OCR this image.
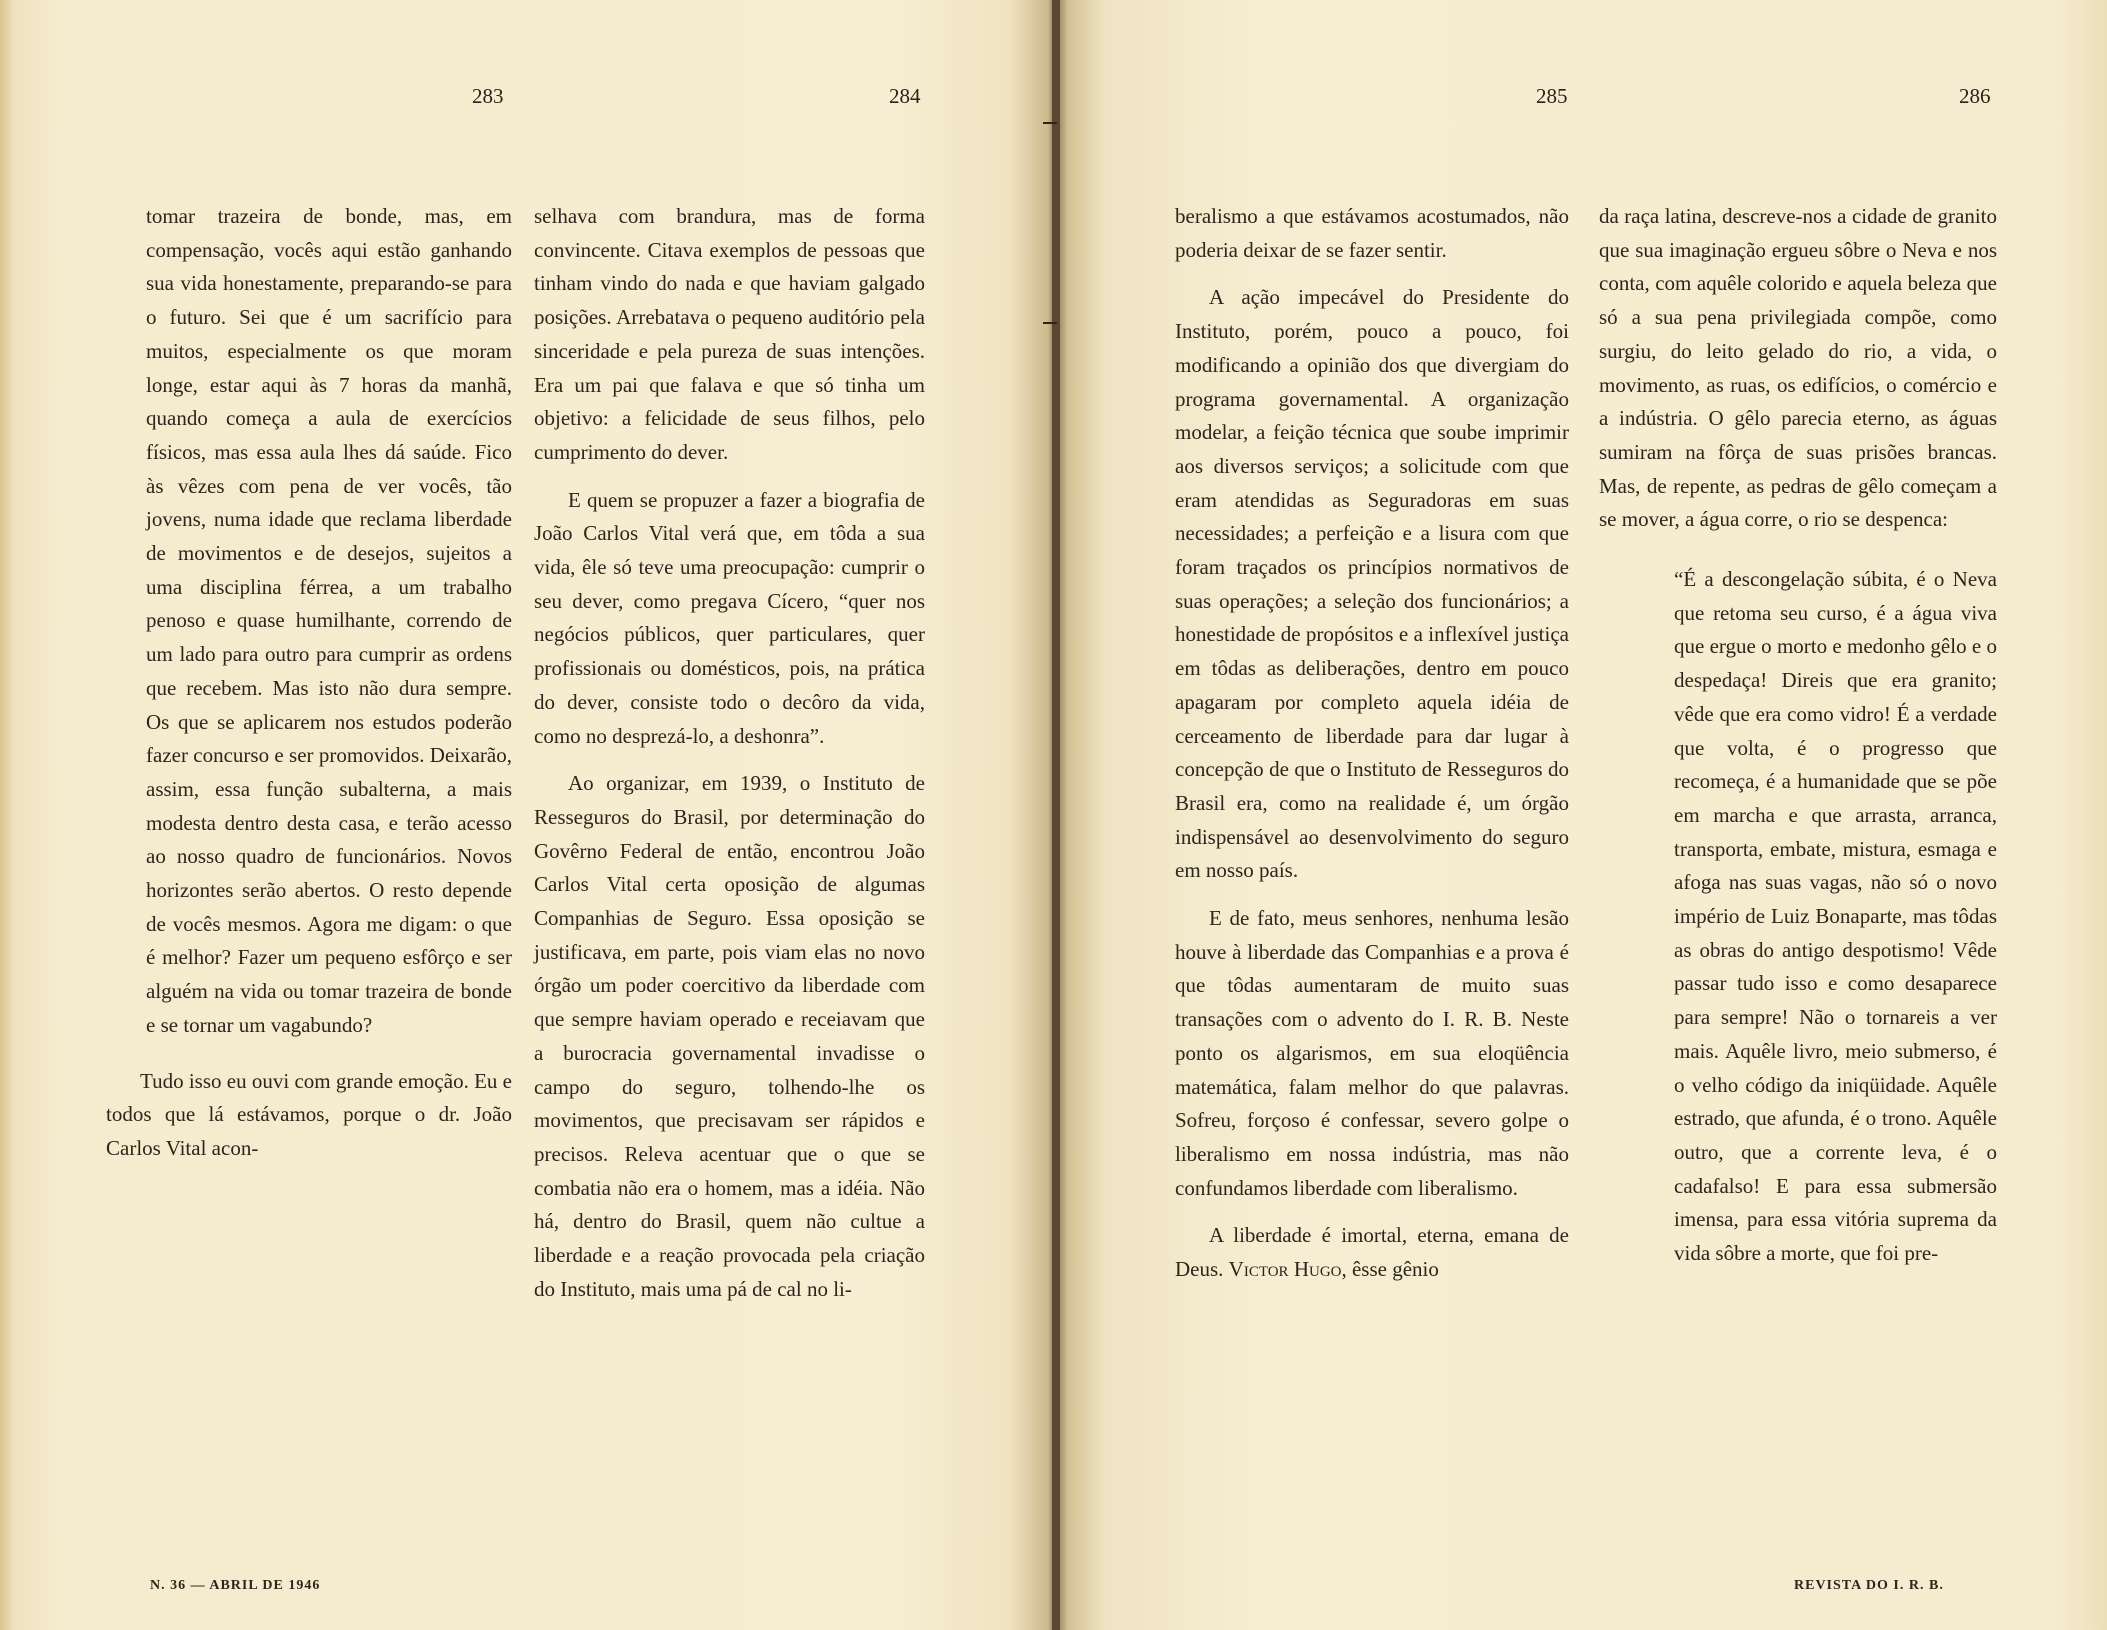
283	284	285	286

tomar trazeira de bonde, mas, em compensação, vocês aqui estão ganhando sua vida honestamente, preparando-se para o futuro. Sei que é um sacrifício para muitos, especialmente os que moram longe, estar aqui às 7 horas da manhã, quando começa a aula de exercícios físicos, mas essa aula lhes dá saúde. Fico às vêzes com pena de ver vocês, tão jovens, numa idade que reclama liberdade de movimentos e de desejos, sujeitos a uma disciplina férrea, a um trabalho penoso e quase humilhante, correndo de um lado para outro para cumprir as ordens que recebem. Mas isto não dura sempre. Os que se aplicarem nos estudos poderão fazer concurso e ser promovidos. Deixarão, assim, essa função subalterna, a mais modesta dentro desta casa, e terão acesso ao nosso quadro de funcionários. Novos horizontes serão abertos. O resto depende de vocês mesmos. Agora me digam: o que é melhor? Fazer um pequeno esfôrço e ser alguém na vida ou tomar trazeira de bonde e se tornar um vagabundo?

Tudo isso eu ouvi com grande emoção. Eu e todos que lá estávamos, porque o dr. João Carlos Vital acon-

selhava com brandura, mas de forma convincente. Citava exemplos de pessoas que tinham vindo do nada e que haviam galgado posições. Arrebatava o pequeno auditório pela sinceridade e pela pureza de suas intenções. Era um pai que falava e que só tinha um objetivo: a felicidade de seus filhos, pelo cumprimento do dever.

E quem se propuzer a fazer a biografia de João Carlos Vital verá que, em tôda a sua vida, êle só teve uma preocupação: cumprir o seu dever, como pregava Cícero, “quer nos negócios públicos, quer particulares, quer profissionais ou domésticos, pois, na prática do dever, consiste todo o decôro da vida, como no desprezá-lo, a deshonra”.

Ao organizar, em 1939, o Instituto de Resseguros do Brasil, por determinação do Govêrno Federal de então, encontrou João Carlos Vital certa oposição de algumas Companhias de Seguro. Essa oposição se justificava, em parte, pois viam elas no novo órgão um poder coercitivo da liberdade com que sempre haviam operado e receiavam que a burocracia governamental invadisse o campo do seguro, tolhendo-lhe os movimentos, que precisavam ser rápidos e precisos. Releva acentuar que o que se combatia não era o homem, mas a idéia. Não há, dentro do Brasil, quem não cultue a liberdade e a reação provocada pela criação do Instituto, mais uma pá de cal no li-

beralismo a que estávamos acostumados, não poderia deixar de se fazer sentir.

A ação impecável do Presidente do Instituto, porém, pouco a pouco, foi modificando a opinião dos que divergiam do programa governamental. A organização modelar, a feição técnica que soube imprimir aos diversos serviços; a solicitude com que eram atendidas as Seguradoras em suas necessidades; a perfeição e a lisura com que foram traçados os princípios normativos de suas operações; a seleção dos funcionários; a honestidade de propósitos e a inflexível justiça em tôdas as deliberações, dentro em pouco apagaram por completo aquela idéia de cerceamento de liberdade para dar lugar à concepção de que o Instituto de Resseguros do Brasil era, como na realidade é, um órgão indispensável ao desenvolvimento do seguro em nosso país.

E de fato, meus senhores, nenhuma lesão houve à liberdade das Companhias e a prova é que tôdas aumentaram de muito suas transações com o advento do I. R. B. Neste ponto os algarismos, em sua eloqüência matemática, falam melhor do que palavras. Sofreu, forçoso é confessar, severo golpe o liberalismo em nossa indústria, mas não confundamos liberdade com liberalismo.

A liberdade é imortal, eterna, emana de Deus. Victor Hugo, êsse gênio

da raça latina, descreve-nos a cidade de granito que sua imaginação ergueu sôbre o Neva e nos conta, com aquêle colorido e aquela beleza que só a sua pena privilegiada compõe, como surgiu, do leito gelado do rio, a vida, o movimento, as ruas, os edifícios, o comércio e a indústria. O gêlo parecia eterno, as águas sumiram na fôrça de suas prisões brancas. Mas, de repente, as pedras de gêlo começam a se mover, a água corre, o rio se despenca:

“É a descongelação súbita, é o Neva que retoma seu curso, é a água viva que ergue o morto e medonho gêlo e o despedaça! Direis que era granito; vêde que era como vidro! É a verdade que volta, é o progresso que recomeça, é a humanidade que se põe em marcha e que arrasta, arranca, transporta, embate, mistura, esmaga e afoga nas suas vagas, não só o novo império de Luiz Bonaparte, mas tôdas as obras do antigo despotismo! Vêde passar tudo isso e como desaparece para sempre! Não o tornareis a ver mais. Aquêle livro, meio submerso, é o velho código da iniqüidade. Aquêle estrado, que afunda, é o trono. Aquêle outro, que a corrente leva, é o cadafalso! E para essa submersão imensa, para essa vitória suprema da vida sôbre a morte, que foi pre-

N. 36 — ABRIL DE 1946	REVISTA DO I. R. B.
